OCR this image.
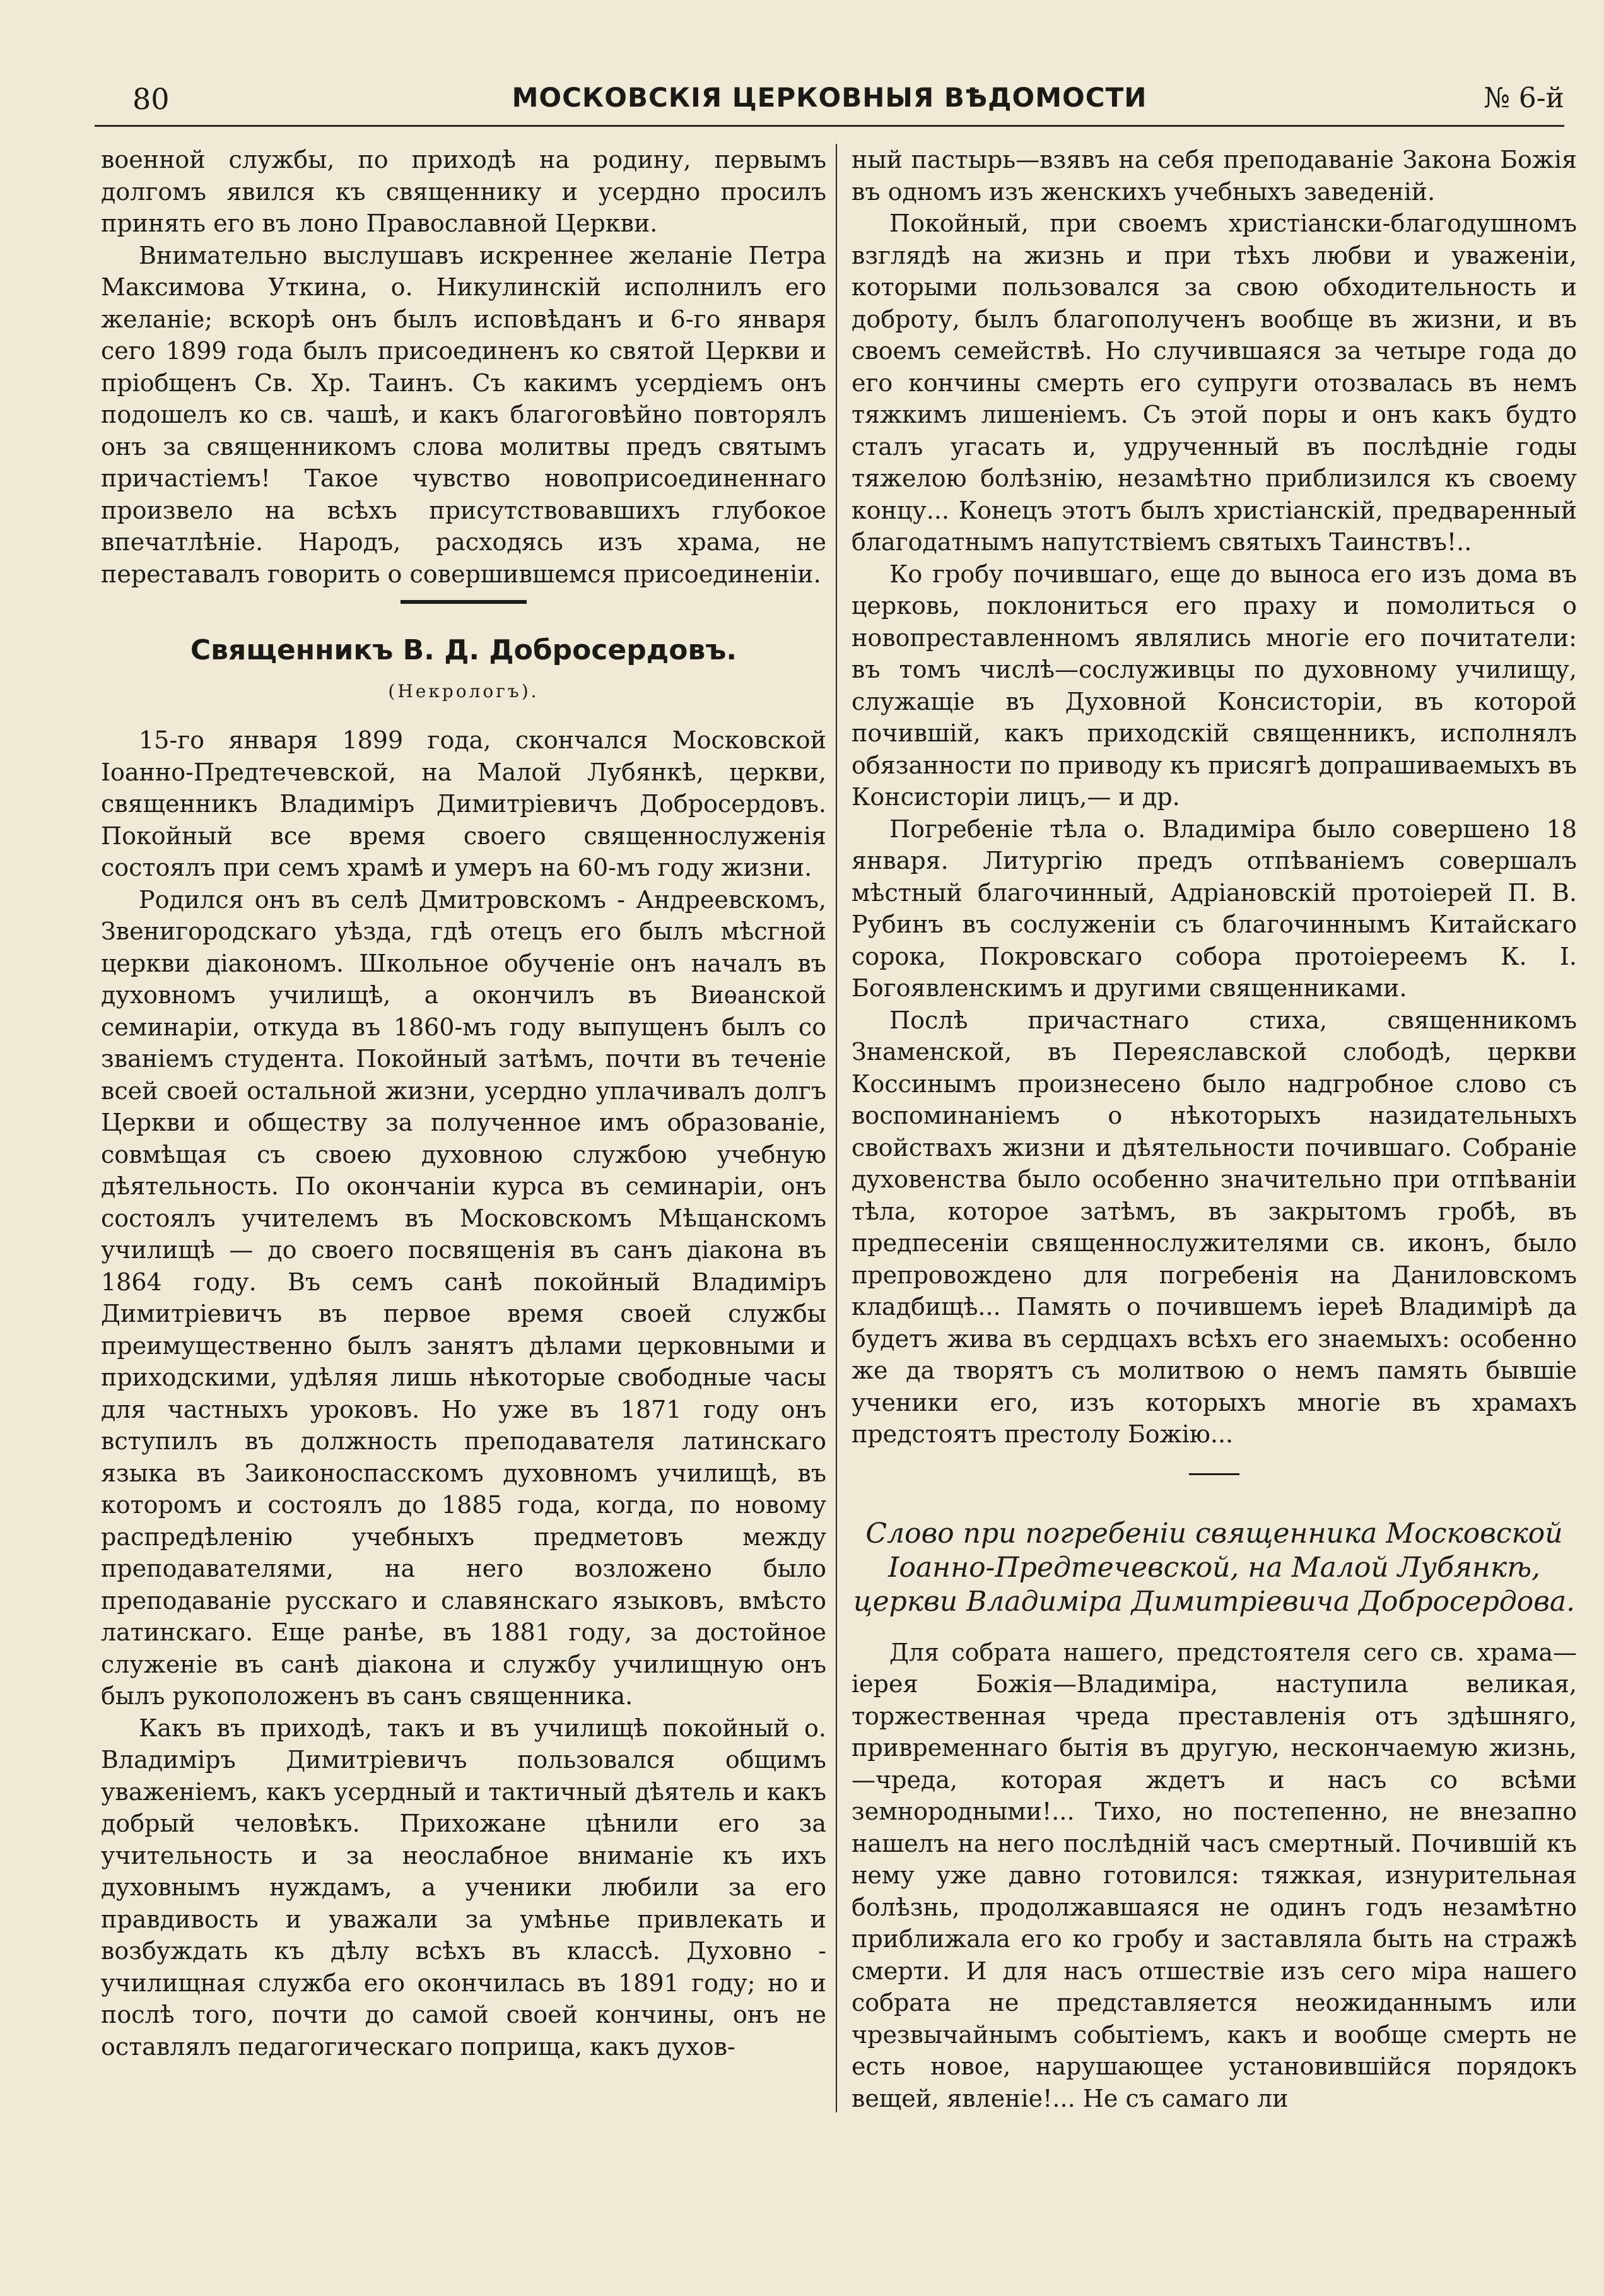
80	МОСКОВСКІЯ ЦЕРКОВНЫЯ ВѢДОМОСТИ	№ 6-й

военной службы, по приходѣ на родину, первымъ долгомъ явился къ священнику и усердно просилъ принять его въ лоно Православной Церкви.

Внимательно выслушавъ искреннее желаніе Петра Максимова Уткина, о. Никулинскій исполнилъ его желаніе; вскорѣ онъ былъ исповѣданъ и 6-го января сего 1899 года былъ присоединенъ ко святой Церкви и пріобщенъ Св. Хр. Таинъ. Съ какимъ усердіемъ онъ подошелъ ко св. чашѣ, и какъ благоговѣйно повторялъ онъ за священникомъ слова молитвы предъ святымъ причастіемъ! Такое чувство новоприсоединеннаго произвело на всѣхъ присутствовавшихъ глубокое впечатлѣніе. Народъ, расходясь изъ храма, не переставалъ говорить о совершившемся присоединеніи.

Священникъ В. Д. Добросердовъ.
(Некрологъ).

15-го января 1899 года, скончался Московской Іоанно-Предтечевской, на Малой Лубянкѣ, церкви, священникъ Владиміръ Димитріевичъ Добросердовъ. Покойный все время своего священнослуженія состоялъ при семъ храмѣ и умеръ на 60-мъ году жизни.

Родился онъ въ селѣ Дмитровскомъ - Андреевскомъ, Звенигородскаго уѣзда, гдѣ отецъ его былъ мѣсгной церкви діакономъ. Школьное обученіе онъ началъ въ духовномъ училищѣ, а окончилъ въ Виѳанской семинаріи, откуда въ 1860-мъ году выпущенъ былъ со званіемъ студента. Покойный затѣмъ, почти въ теченіе всей своей остальной жизни, усердно уплачивалъ долгъ Церкви и обществу за полученное имъ образованіе, совмѣщая съ своею духовною службою учебную дѣятельность. По окончаніи курса въ семинаріи, онъ состоялъ учителемъ въ Московскомъ Мѣщанскомъ училищѣ — до своего посвященія въ санъ діакона въ 1864 году. Въ семъ санѣ покойный Владиміръ Димитріевичъ въ первое время своей службы преимущественно былъ занятъ дѣлами церковными и приходскими, удѣляя лишь нѣкоторые свободные часы для частныхъ уроковъ. Но уже въ 1871 году онъ вступилъ въ должность преподавателя латинскаго языка въ Заиконоспасскомъ духовномъ училищѣ, въ которомъ и состоялъ до 1885 года, когда, по новому распредѣленію учебныхъ предметовъ между преподавателями, на него возложено было преподаваніе русскаго и славянскаго языковъ, вмѣсто латинскаго. Еще ранѣе, въ 1881 году, за достойное служеніе въ санѣ діакона и службу училищную онъ былъ рукоположенъ въ санъ священника.

Какъ въ приходѣ, такъ и въ училищѣ покойный о. Владиміръ Димитріевичъ пользовался общимъ уваженіемъ, какъ усердный и тактичный дѣятель и какъ добрый человѣкъ. Прихожане цѣнили его за учительность и за неослабное вниманіе къ ихъ духовнымъ нуждамъ, а ученики любили за его правдивость и уважали за умѣнье привлекать и возбуждать къ дѣлу всѣхъ въ классѣ. Духовно - училищная служба его окончилась въ 1891 году; но и послѣ того, почти до самой своей кончины, онъ не оставлялъ педагогическаго поприща, какъ духов-

ный пастырь—взявъ на себя преподаваніе Закона Божія въ одномъ изъ женскихъ учебныхъ заведеній.

Покойный, при своемъ христіански-благодушномъ взглядѣ на жизнь и при тѣхъ любви и уваженіи, которыми пользовался за свою обходительность и доброту, былъ благополученъ вообще въ жизни, и въ своемъ семействѣ. Но случившаяся за четыре года до его кончины смерть его супруги отозвалась въ немъ тяжкимъ лишеніемъ. Съ этой поры и онъ какъ будто сталъ угасать и, удрученный въ послѣдніе годы тяжелою болѣзнію, незамѣтно приблизился къ своему концу... Конецъ этотъ былъ христіанскій, предваренный благодатнымъ напутствіемъ святыхъ Таинствъ!..

Ко гробу почившаго, еще до выноса его изъ дома въ церковь, поклониться его праху и помолиться о новопреставленномъ являлись многіе его почитатели: въ томъ числѣ—сослуживцы по духовному училищу, служащіе въ Духовной Консисторіи, въ которой почившій, какъ приходскій священникъ, исполнялъ обязанности по приводу къ присягѣ допрашиваемыхъ въ Консисторіи лицъ,— и др.

Погребеніе тѣла о. Владиміра было совершено 18 января. Литургію предъ отпѣваніемъ совершалъ мѣстный благочинный, Адріановскій протоіерей П. В. Рубинъ въ сослуженіи съ благочиннымъ Китайскаго сорока, Покровскаго собора протоіереемъ К. І. Богоявленскимъ и другими священниками.

Послѣ причастнаго стиха, священникомъ Знаменской, въ Переяславской слободѣ, церкви Коссинымъ произнесено было надгробное слово съ воспоминаніемъ о нѣкоторыхъ назидательныхъ свойствахъ жизни и дѣятельности почившаго. Собраніе духовенства было особенно значительно при отпѣваніи тѣла, которое затѣмъ, въ закрытомъ гробѣ, въ предпесеніи священнослужителями св. иконъ, было препровождено для погребенія на Даниловскомъ кладбищѣ... Память о почившемъ іереѣ Владимірѣ да будетъ жива въ сердцахъ всѣхъ его знаемыхъ: особенно же да творятъ съ молитвою о немъ память бывшіе ученики его, изъ которыхъ многіе въ храмахъ предстоятъ престолу Божію...

Слово при погребеніи священника Московской Іоанно-Предтечевской, на Малой Лубянкѣ, церкви Владиміра Димитріевича Добросердова.

Для собрата нашего, предстоятеля сего св. храма— іерея Божія—Владиміра, наступила великая, торжественная чреда преставленія отъ здѣшняго, привременнаго бытія въ другую, нескончаемую жизнь,—чреда, которая ждетъ и насъ со всѣми земнородными!... Тихо, но постепенно, не внезапно нашелъ на него послѣдній часъ смертный. Почившій къ нему уже давно готовился: тяжкая, изнурительная болѣзнь, продолжавшаяся не одинъ годъ незамѣтно приближала его ко гробу и заставляла быть на стражѣ смерти. И для насъ отшествіе изъ сего міра нашего собрата не представляется неожиданнымъ или чрезвычайнымъ событіемъ, какъ и вообще смерть не есть новое, нарушающее установившійся порядокъ вещей, явленіе!... Не съ самаго ли
